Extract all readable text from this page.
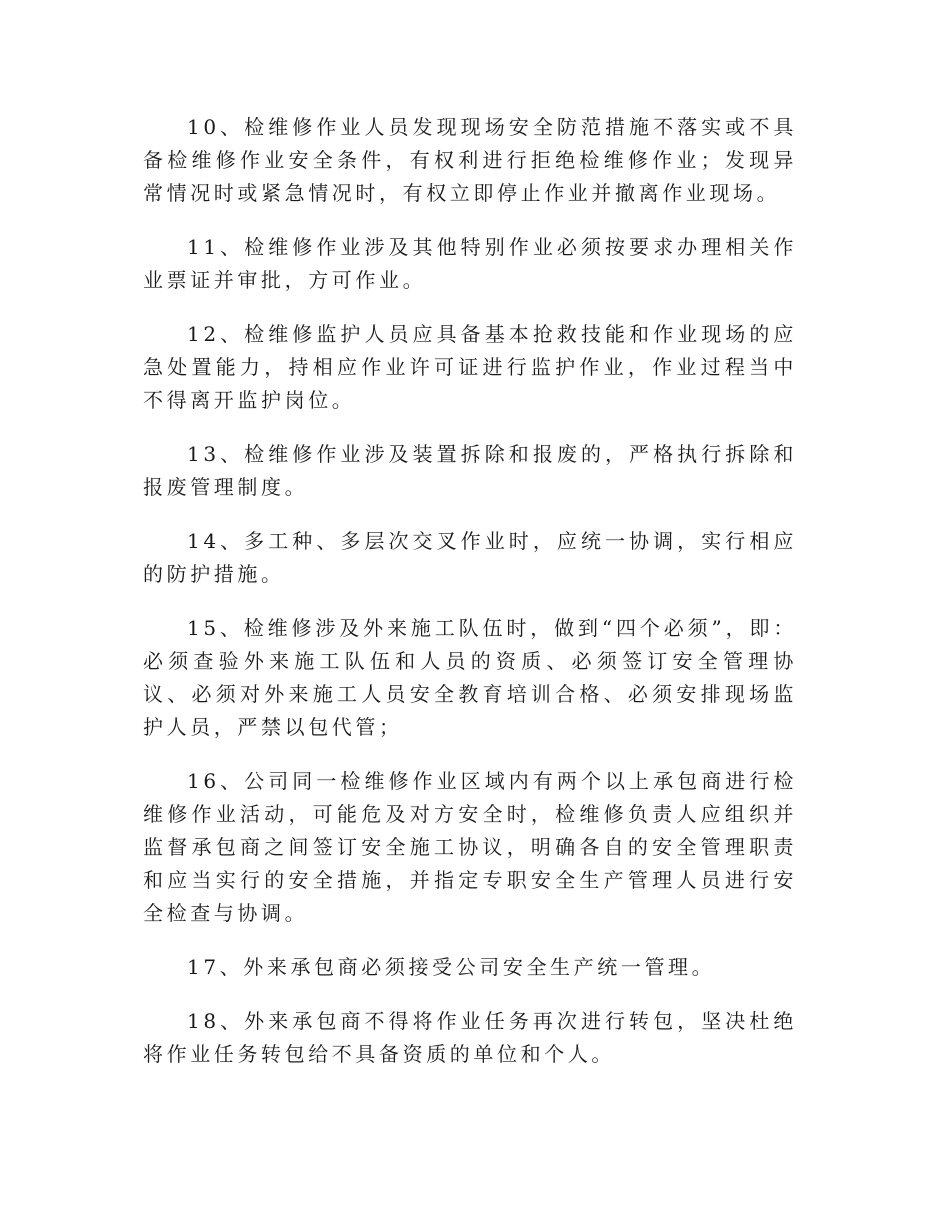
10、检维修作业人员发现现场安全防范措施不落实或不具备检维修作业安全条件，有权利进行拒绝检维修作业；发现异常情况时或紧急情况时，有权立即停止作业并撤离作业现场。

11、检维修作业涉及其他特别作业必须按要求办理相关作业票证并审批，方可作业。

12、检维修监护人员应具备基本抢救技能和作业现场的应急处置能力，持相应作业许可证进行监护作业，作业过程当中不得离开监护岗位。

13、检维修作业涉及装置拆除和报废的，严格执行拆除和报废管理制度。

14、多工种、多层次交叉作业时，应统一协调，实行相应的防护措施。

15、检维修涉及外来施工队伍时，做到“四个必须”，即：必须查验外来施工队伍和人员的资质、必须签订安全管理协议、必须对外来施工人员安全教育培训合格、必须安排现场监护人员，严禁以包代管；

16、公司同一检维修作业区域内有两个以上承包商进行检维修作业活动，可能危及对方安全时，检维修负责人应组织并监督承包商之间签订安全施工协议，明确各自的安全管理职责和应当实行的安全措施，并指定专职安全生产管理人员进行安全检查与协调。

17、外来承包商必须接受公司安全生产统一管理。

18、外来承包商不得将作业任务再次进行转包，坚决杜绝将作业任务转包给不具备资质的单位和个人。
